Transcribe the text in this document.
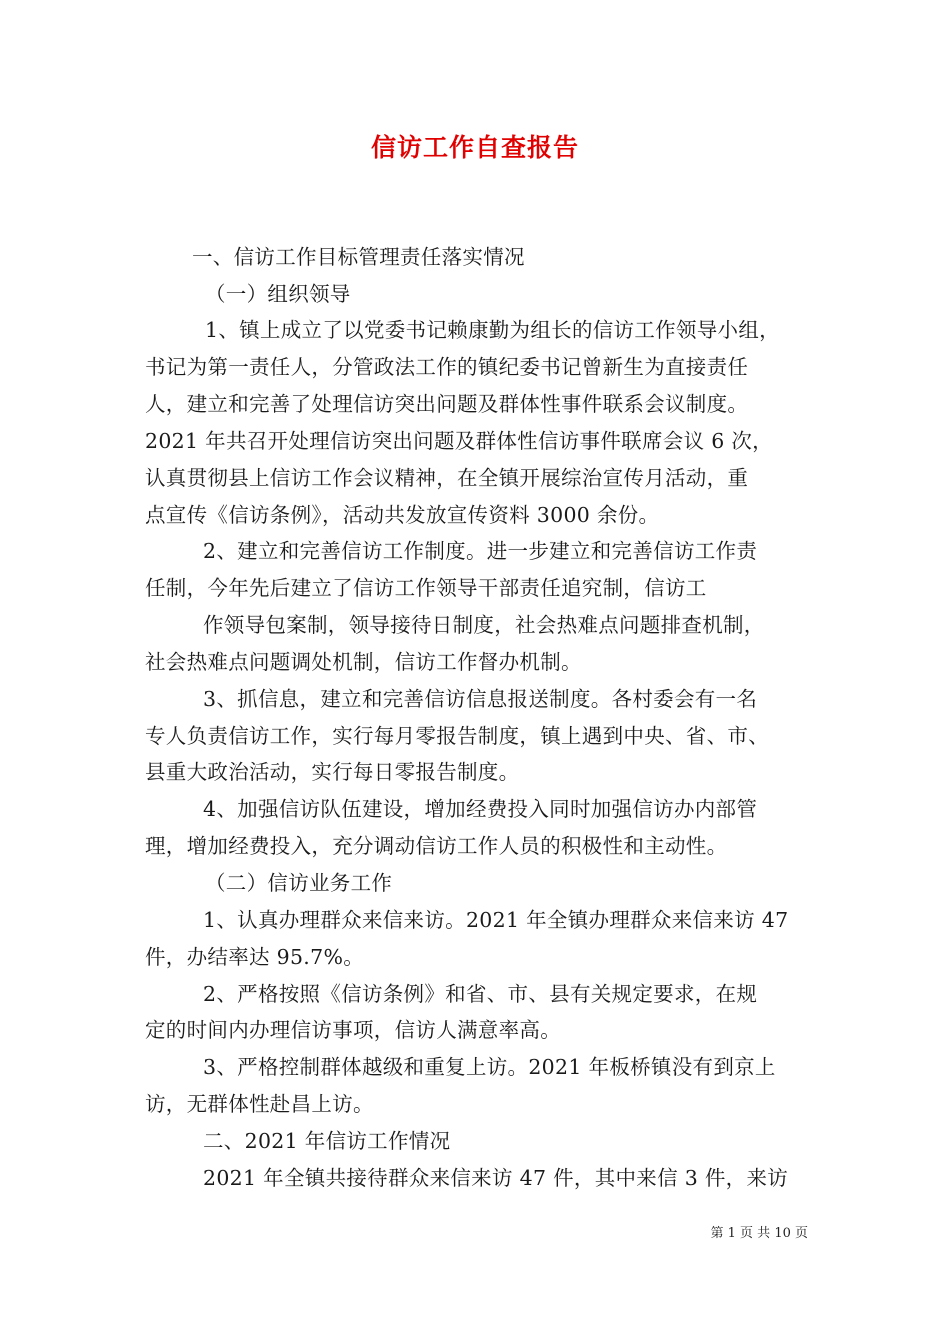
信访工作自查报告
一、信访工作目标管理责任落实情况
（一）组织领导
1、镇上成立了以党委书记赖康勤为组长的信访工作领导小组，
书记为第一责任人，分管政法工作的镇纪委书记曾新生为直接责任
人，建立和完善了处理信访突出问题及群体性事件联系会议制度。
2021 年共召开处理信访突出问题及群体性信访事件联席会议 6 次，
认真贯彻县上信访工作会议精神，在全镇开展综治宣传月活动，重
点宣传《信访条例》，活动共发放宣传资料 3000 余份。
2、建立和完善信访工作制度。进一步建立和完善信访工作责
任制，今年先后建立了信访工作领导干部责任追究制，信访工
作领导包案制，领导接待日制度，社会热难点问题排查机制，
社会热难点问题调处机制，信访工作督办机制。
3、抓信息，建立和完善信访信息报送制度。各村委会有一名
专人负责信访工作，实行每月零报告制度，镇上遇到中央、省、市、
县重大政治活动，实行每日零报告制度。
4、加强信访队伍建设，增加经费投入同时加强信访办内部管
理，增加经费投入，充分调动信访工作人员的积极性和主动性。
（二）信访业务工作
1、认真办理群众来信来访。2021 年全镇办理群众来信来访 47
件，办结率达 95.7%。
2、严格按照《信访条例》和省、市、县有关规定要求，在规
定的时间内办理信访事项，信访人满意率高。
3、严格控制群体越级和重复上访。2021 年板桥镇没有到京上
访，无群体性赴昌上访。
二、2021 年信访工作情况
2021 年全镇共接待群众来信来访 47 件，其中来信 3 件，来访
第 1 页 共 10 页
